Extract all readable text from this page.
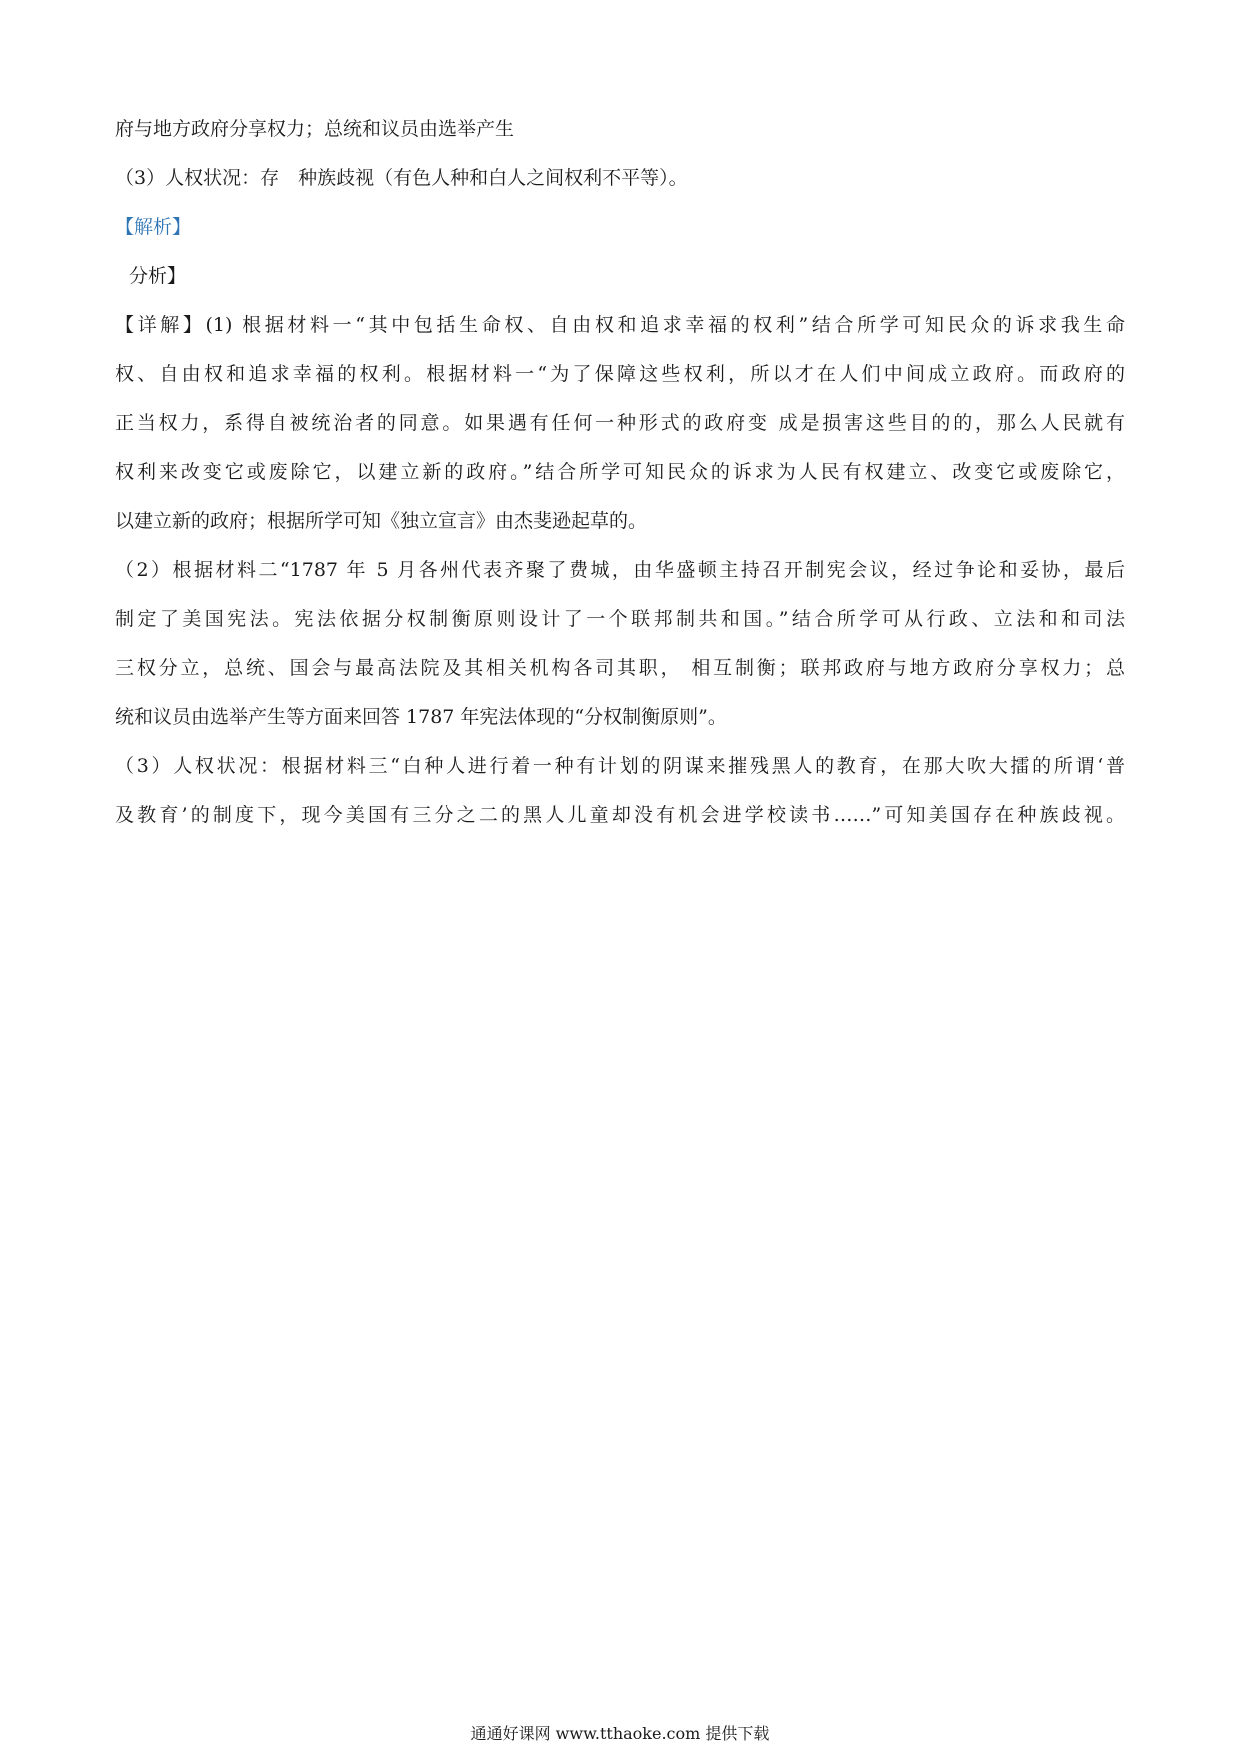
府与地方政府分享权力；总统和议员由选举产生
（3）人权状况：存　种族歧视（有色人种和白人之间权利不平等）。
【解析】
分析】
【详解】(1) 根据材料一“其中包括生命权、自由权和追求幸福的权利”结合所学可知民众的诉求我生命
权、自由权和追求幸福的权利。根据材料一“为了保障这些权利，所以才在人们中间成立政府。而政府的
正当权力，系得自被统治者的同意。如果遇有任何一种形式的政府变 成是损害这些目的的，那么人民就有
权利来改变它或废除它，以建立新的政府。”结合所学可知民众的诉求为人民有权建立、改变它或废除它，
以建立新的政府；根据所学可知《独立宣言》由杰斐逊起草的。
（2）根据材料二“1787 年 5 月各州代表齐聚了费城，由华盛顿主持召开制宪会议，经过争论和妥协，最后
制定了美国宪法。宪法依据分权制衡原则设计了一个联邦制共和国。”结合所学可从行政、立法和和司法
三权分立，总统、国会与最高法院及其相关机构各司其职， 相互制衡；联邦政府与地方政府分享权力；总
统和议员由选举产生等方面来回答 1787 年宪法体现的“分权制衡原则”。
（3）人权状况：根据材料三“白种人进行着一种有计划的阴谋来摧残黑人的教育，在那大吹大擂的所谓‘普
及教育’的制度下，现今美国有三分之二的黑人儿童却没有机会进学校读书……”可知美国存在种族歧视。
通通好课网 www.tthaoke.com 提供下载
